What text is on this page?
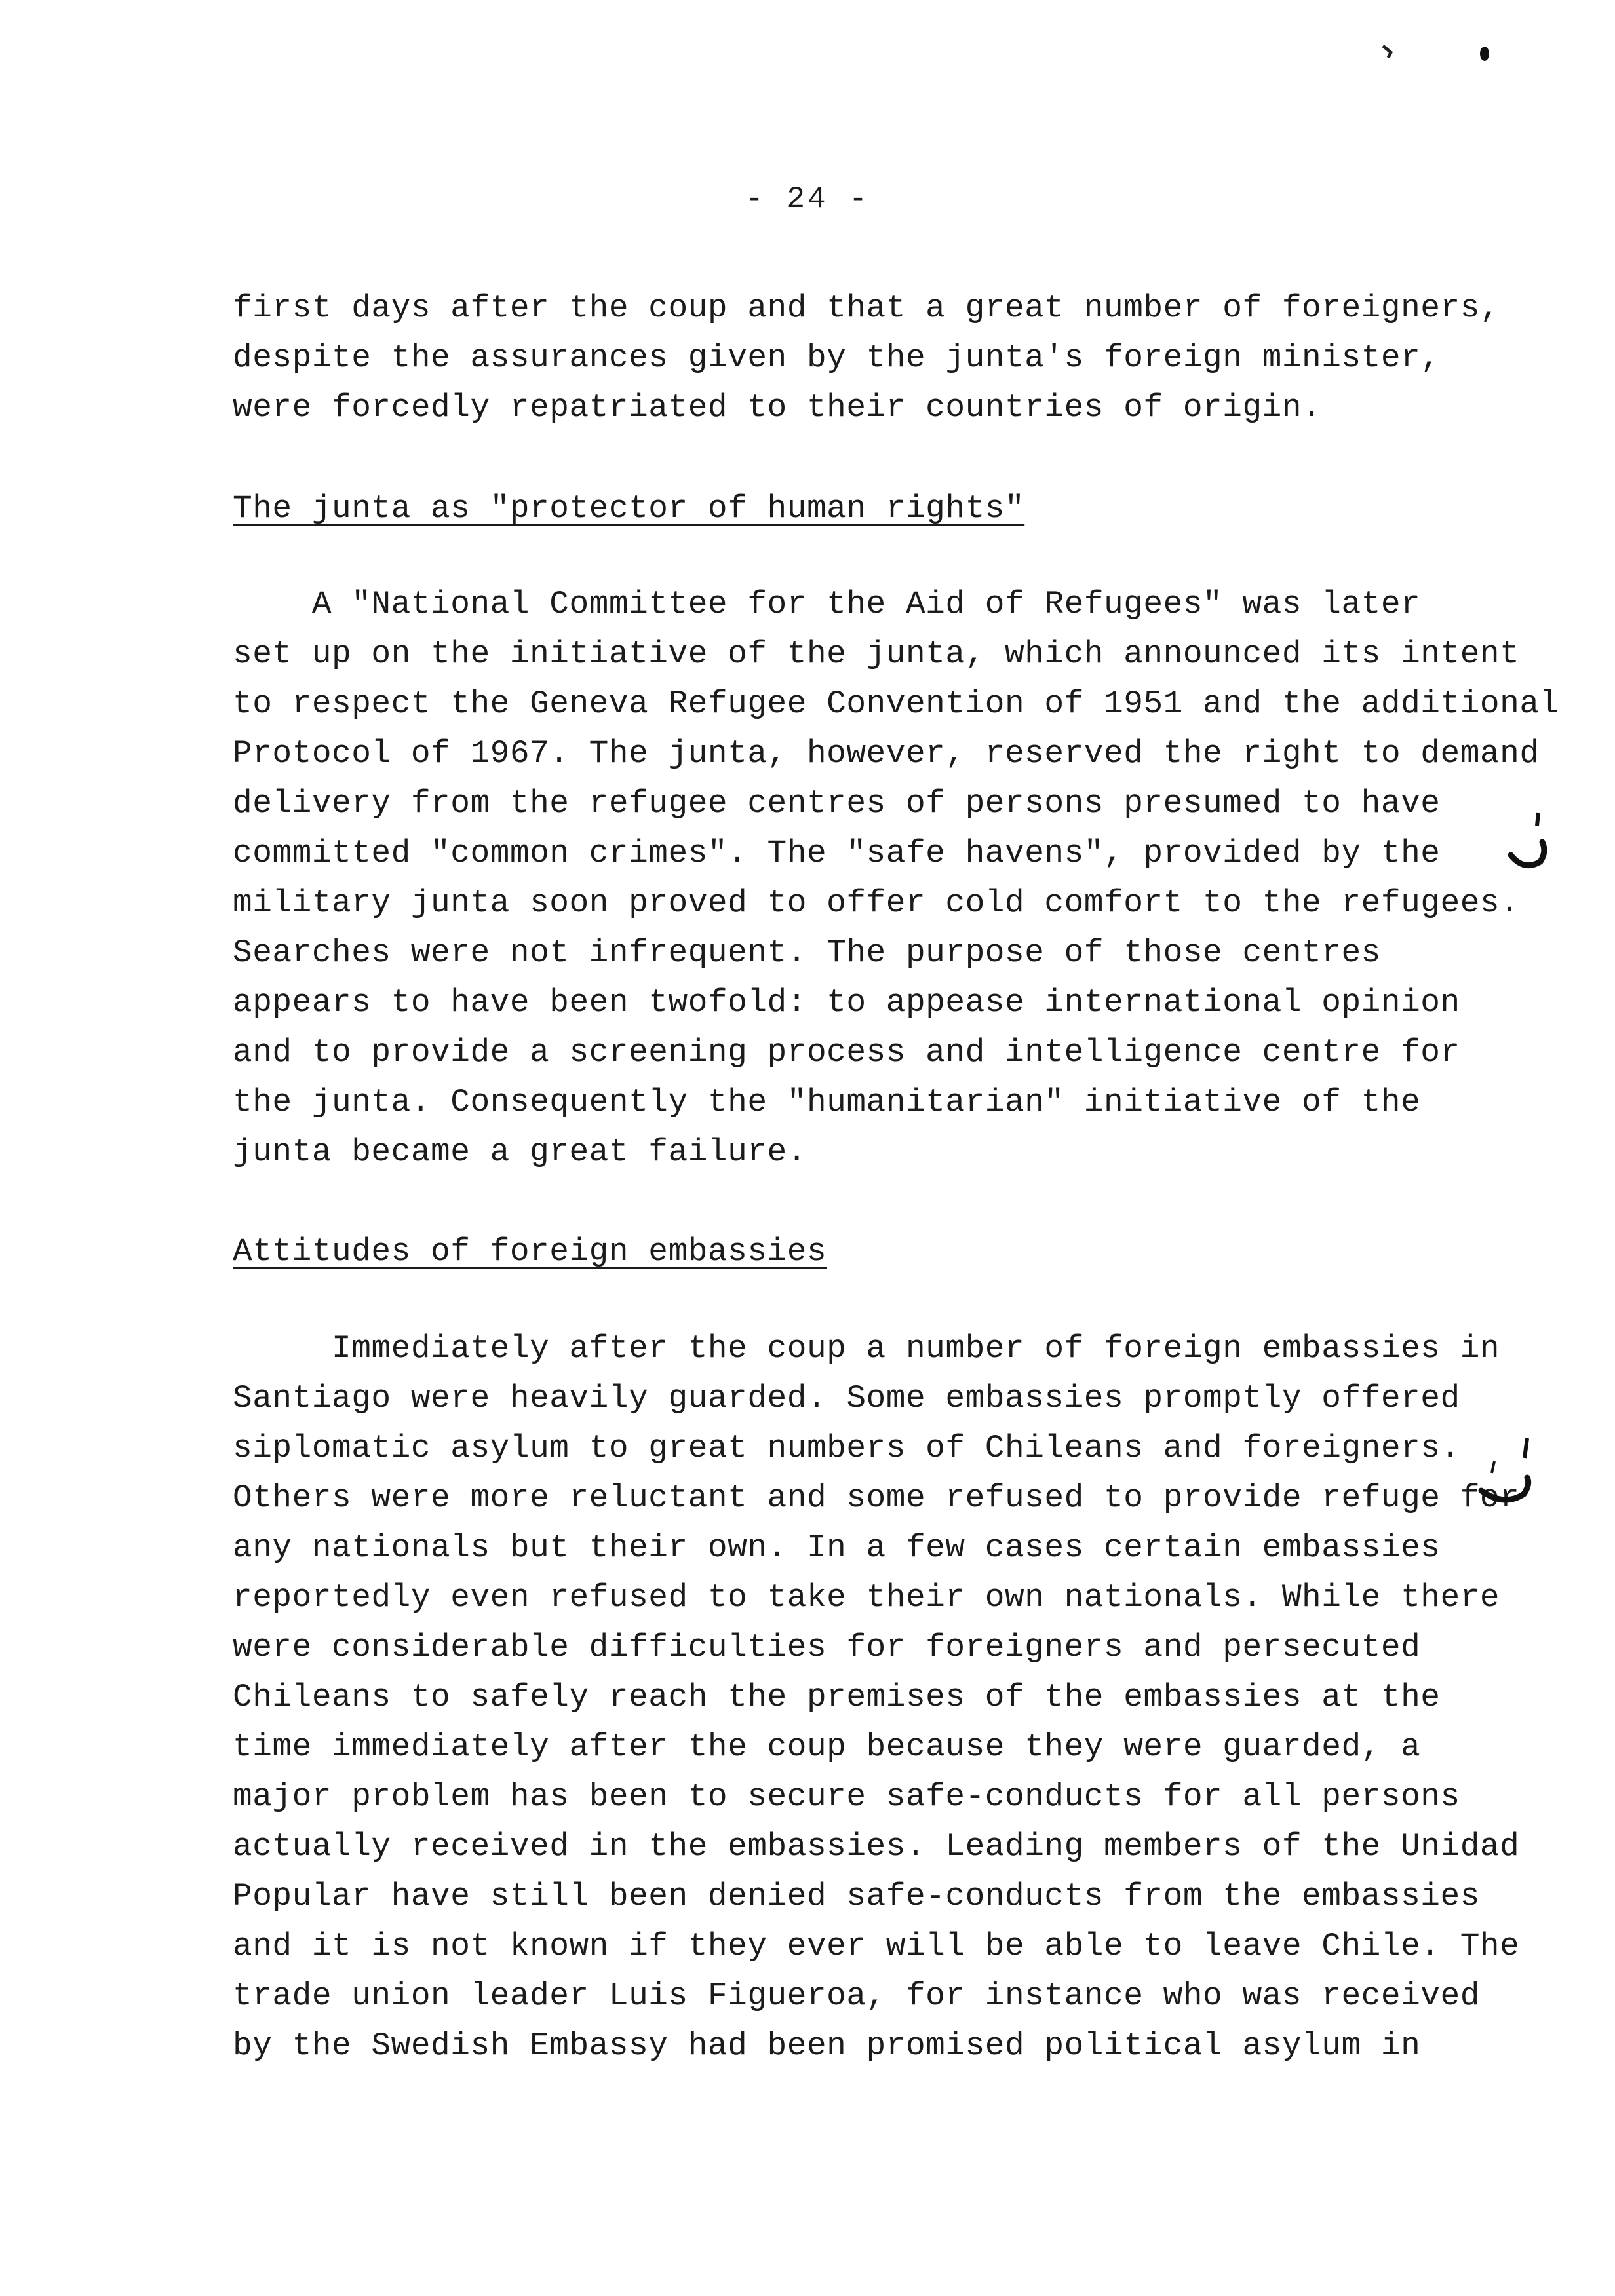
- 24 -
first days after the coup and that a great number of foreigners,
despite the assurances given by the junta's foreign minister,
were forcedly repatriated to their countries of origin.
The junta as "protector of human rights"
A "National Committee for the Aid of Refugees" was later
set up on the initiative of the junta, which announced its intent
to respect the Geneva Refugee Convention of 1951 and the additional
Protocol of 1967. The junta, however, reserved the right to demand
delivery from the refugee centres of persons presumed to have
committed "common crimes". The "safe havens", provided by the
military junta soon proved to offer cold comfort to the refugees.
Searches were not infrequent. The purpose of those centres
appears to have been twofold: to appease international opinion
and to provide a screening process and intelligence centre for
the junta. Consequently the "humanitarian" initiative of the
junta became a great failure.
Attitudes of foreign embassies
Immediately after the coup a number of foreign embassies in
Santiago were heavily guarded. Some embassies promptly offered
siplomatic asylum to great numbers of Chileans and foreigners.
Others were more reluctant and some refused to provide refuge for
any nationals but their own. In a few cases certain embassies
reportedly even refused to take their own nationals. While there
were considerable difficulties for foreigners and persecuted
Chileans to safely reach the premises of the embassies at the
time immediately after the coup because they were guarded, a
major problem has been to secure safe-conducts for all persons
actually received in the embassies. Leading members of the Unidad
Popular have still been denied safe-conducts from the embassies
and it is not known if they ever will be able to leave Chile. The
trade union leader Luis Figueroa, for instance who was received
by the Swedish Embassy had been promised political asylum in
